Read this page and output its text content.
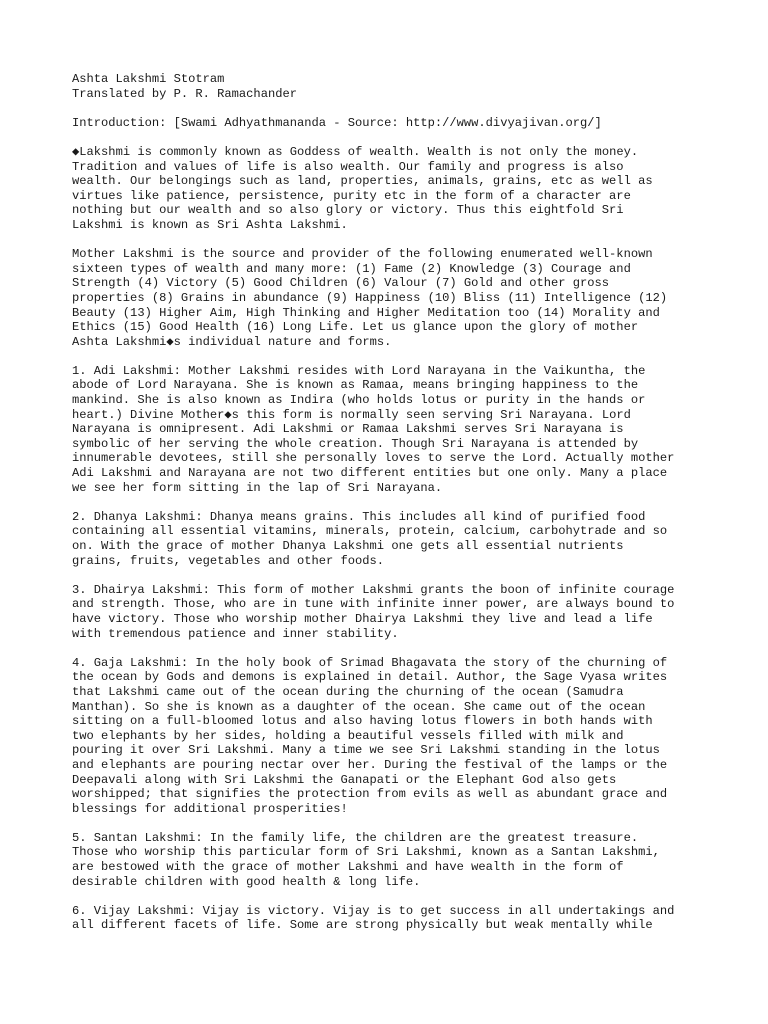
Ashta Lakshmi Stotram
Translated by P. R. Ramachander
Introduction: [Swami Adhyathmananda - Source: http://www.divyajivan.org/]
◆Lakshmi is commonly known as Goddess of wealth. Wealth is not only the money.
Tradition and values of life is also wealth. Our family and progress is also
wealth. Our belongings such as land, properties, animals, grains, etc as well as
virtues like patience, persistence, purity etc in the form of a character are
nothing but our wealth and so also glory or victory. Thus this eightfold Sri
Lakshmi is known as Sri Ashta Lakshmi.
Mother Lakshmi is the source and provider of the following enumerated well-known
sixteen types of wealth and many more: (1) Fame (2) Knowledge (3) Courage and
Strength (4) Victory (5) Good Children (6) Valour (7) Gold and other gross
properties (8) Grains in abundance (9) Happiness (10) Bliss (11) Intelligence (12)
Beauty (13) Higher Aim, High Thinking and Higher Meditation too (14) Morality and
Ethics (15) Good Health (16) Long Life. Let us glance upon the glory of mother
Ashta Lakshmi◆s individual nature and forms.
1. Adi Lakshmi: Mother Lakshmi resides with Lord Narayana in the Vaikuntha, the
abode of Lord Narayana. She is known as Ramaa, means bringing happiness to the
mankind. She is also known as Indira (who holds lotus or purity in the hands or
heart.) Divine Mother◆s this form is normally seen serving Sri Narayana. Lord
Narayana is omnipresent. Adi Lakshmi or Ramaa Lakshmi serves Sri Narayana is
symbolic of her serving the whole creation. Though Sri Narayana is attended by
innumerable devotees, still she personally loves to serve the Lord. Actually mother
Adi Lakshmi and Narayana are not two different entities but one only. Many a place
we see her form sitting in the lap of Sri Narayana.
2. Dhanya Lakshmi: Dhanya means grains. This includes all kind of purified food
containing all essential vitamins, minerals, protein, calcium, carbohytrade and so
on. With the grace of mother Dhanya Lakshmi one gets all essential nutrients
grains, fruits, vegetables and other foods.
3. Dhairya Lakshmi: This form of mother Lakshmi grants the boon of infinite courage
and strength. Those, who are in tune with infinite inner power, are always bound to
have victory. Those who worship mother Dhairya Lakshmi they live and lead a life
with tremendous patience and inner stability.
4. Gaja Lakshmi: In the holy book of Srimad Bhagavata the story of the churning of
the ocean by Gods and demons is explained in detail. Author, the Sage Vyasa writes
that Lakshmi came out of the ocean during the churning of the ocean (Samudra
Manthan). So she is known as a daughter of the ocean. She came out of the ocean
sitting on a full-bloomed lotus and also having lotus flowers in both hands with
two elephants by her sides, holding a beautiful vessels filled with milk and
pouring it over Sri Lakshmi. Many a time we see Sri Lakshmi standing in the lotus
and elephants are pouring nectar over her. During the festival of the lamps or the
Deepavali along with Sri Lakshmi the Ganapati or the Elephant God also gets
worshipped; that signifies the protection from evils as well as abundant grace and
blessings for additional prosperities!
5. Santan Lakshmi: In the family life, the children are the greatest treasure.
Those who worship this particular form of Sri Lakshmi, known as a Santan Lakshmi,
are bestowed with the grace of mother Lakshmi and have wealth in the form of
desirable children with good health & long life.
6. Vijay Lakshmi: Vijay is victory. Vijay is to get success in all undertakings and
all different facets of life. Some are strong physically but weak mentally while
